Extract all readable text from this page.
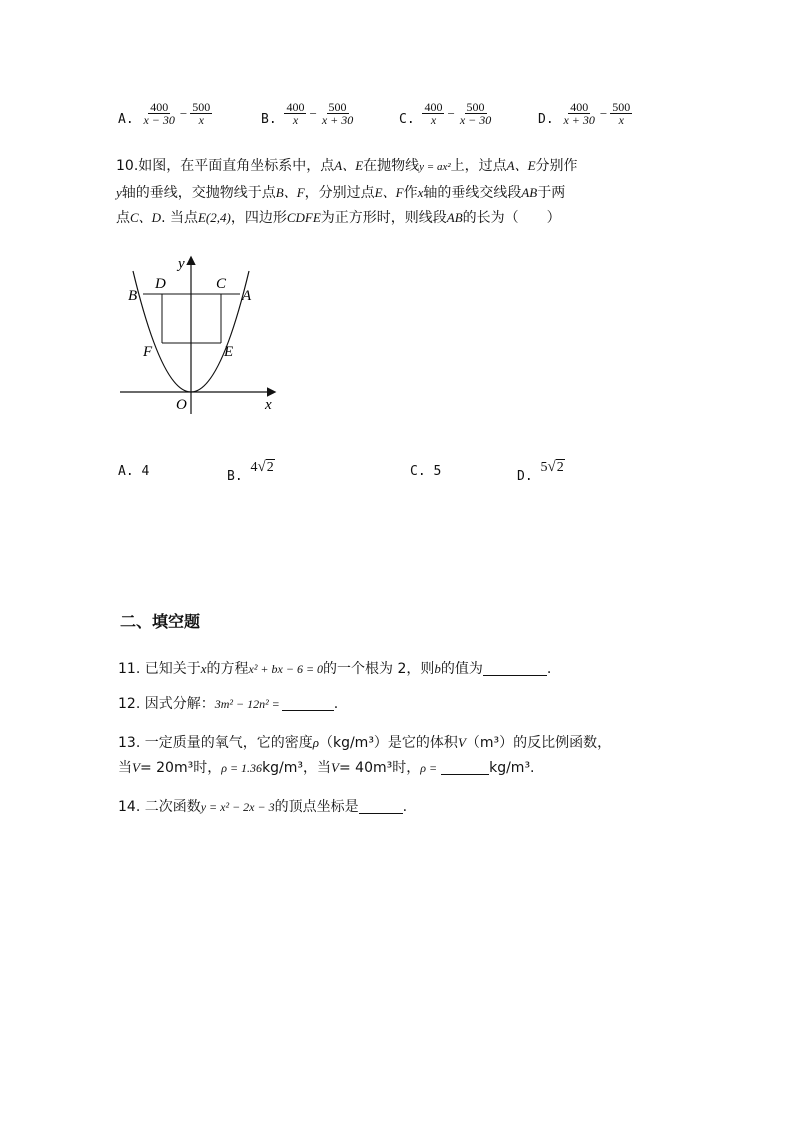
A. $\frac{400}{x - 30} - \frac{500}{x}$	B. $\frac{400}{x} - \frac{500}{x + 30}$	C. $\frac{400}{x} - \frac{500}{x - 30}$	D. $\frac{400}{x + 30} - \frac{500}{x}$
10.如图，在平面直角坐标系中，点A、E在抛物线y = ax²上，过点A、E分别作
y轴的垂线，交抛物线于点B、F，分别过点E、F作x轴的垂线交线段AB于两
点C、D. 当点E(2,4)，四边形CDFE为正方形时，则线段AB的长为（　　）
y
x
O
A
B
C
D
E
F
A. 4	B. 4√2	C. 5	D. 5√2
二、填空题
11. 已知关于x的方程x² + bx − 6 = 0的一个根为 2，则b的值为	.
12. 因式分解：3m² − 12n² =	.
13. 一定质量的氧气，它的密度ρ（kg/m³）是它的体积V（m³）的反比例函数，
当V= 20m³时，ρ = 1.36kg/m³，当V= 40m³时，ρ =	kg/m³.
14. 二次函数y = x² − 2x − 3的顶点坐标是	.
